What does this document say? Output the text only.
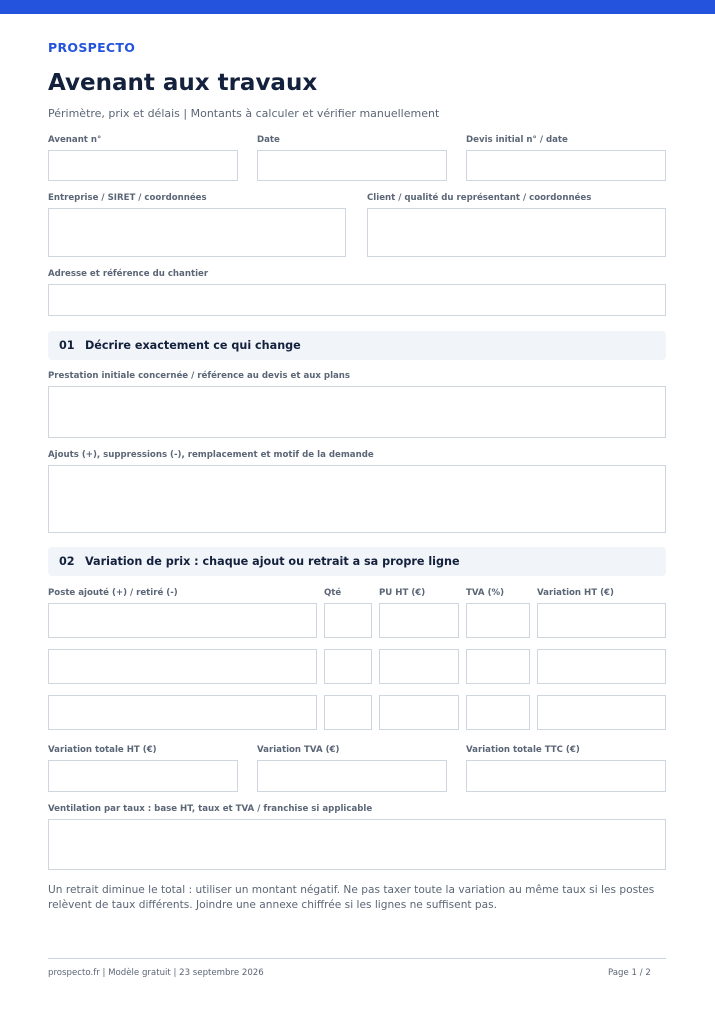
PROSPECTO
Avenant aux travaux
Périmètre, prix et délais | Montants à calculer et vérifier manuellement
Avenant n°	Date	Devis initial n° / date
Entreprise / SIRET / coordonnées	Client / qualité du représentant / coordonnées
Adresse et référence du chantier
01 Décrire exactement ce qui change
Prestation initiale concernée / référence au devis et aux plans
Ajouts (+), suppressions (-), remplacement et motif de la demande
02 Variation de prix : chaque ajout ou retrait a sa propre ligne
Poste ajouté (+) / retiré (-)	Qté	PU HT (€)	TVA (%)	Variation HT (€)
Variation totale HT (€)	Variation TVA (€)	Variation totale TTC (€)
Ventilation par taux : base HT, taux et TVA / franchise si applicable
Un retrait diminue le total : utiliser un montant négatif. Ne pas taxer toute la variation au même taux si les postes relèvent de taux différents. Joindre une annexe chiffrée si les lignes ne suffisent pas.
prospecto.fr | Modèle gratuit | 23 septembre 2026	Page 1 / 2
